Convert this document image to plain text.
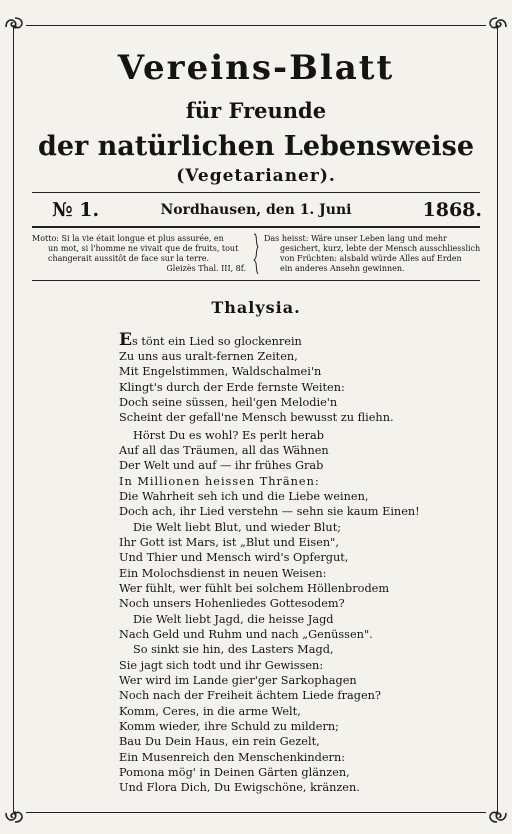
Vereins-Blatt
für Freunde
der natürlichen Lebensweise
(Vegetarianer).
Nordhausen, den 1. Juni
№ 1.	1868.
Motto: Si la vie était longue et plus assurée, en
un mot, si l'homme ne vivait que de fruits, tout
changerait aussitôt de face sur la terre.
Gleizès Thal. III, 8f.
Das heisst: Wäre unser Leben lang und mehr
gesichert, kurz, lebte der Mensch ausschliesslich
von Früchten: alsbald würde Alles auf Erden
ein anderes Ansehn gewinnen.
Thalysia.
Es tönt ein Lied so glockenrein
Zu uns aus uralt-fernen Zeiten,
Mit Engelstimmen, Waldschalmei'n
Klingt's durch der Erde fernste Weiten:
Doch seine süssen, heil'gen Melodie'n
Scheint der gefall'ne Mensch bewusst zu fliehn.
Hörst Du es wohl? Es perlt herab
Auf all das Träumen, all das Wähnen
Der Welt und auf — ihr frühes Grab
In Millionen heissen Thränen:
Die Wahrheit seh ich und die Liebe weinen,
Doch ach, ihr Lied verstehn — sehn sie kaum Einen!
Die Welt liebt Blut, und wieder Blut;
Ihr Gott ist Mars, ist „Blut und Eisen",
Und Thier und Mensch wird's Opfergut,
Ein Molochsdienst in neuen Weisen:
Wer fühlt, wer fühlt bei solchem Höllenbrodem
Noch unsers Hohenliedes Gottesodem?
Die Welt liebt Jagd, die heisse Jagd
Nach Geld und Ruhm und nach „Genüssen".
So sinkt sie hin, des Lasters Magd,
Sie jagt sich todt und ihr Gewissen:
Wer wird im Lande gier'ger Sarkophagen
Noch nach der Freiheit ächtem Liede fragen?
Komm, Ceres, in die arme Welt,
Komm wieder, ihre Schuld zu mildern;
Bau Du Dein Haus, ein rein Gezelt,
Ein Musenreich den Menschenkindern:
Pomona mög' in Deinen Gärten glänzen,
Und Flora Dich, Du Ewigschöne, kränzen.
